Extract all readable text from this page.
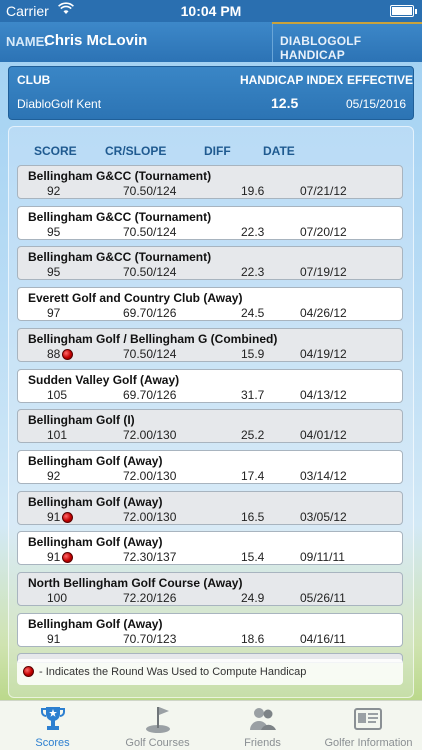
Carrier	10:04 PM
NAME:
Chris McLovin	DIABLOGOLF HANDICAP
CLUB	HANDICAP INDEX EFFECTIVE
DiabloGolf Kent	12.5	05/15/2016
SCORE CR/SLOPE	DIFF	DATE
Bellingham G&CC (Tournament)
92	70.50/124	19.6	07/21/12
Bellingham G&CC (Tournament)
95	70.50/124	22.3	07/20/12
Bellingham G&CC (Tournament)
95	70.50/124	22.3	07/19/12
Everett Golf and Country Club (Away)
97	69.70/126	24.5	04/26/12
Bellingham Golf / Bellingham G (Combined)
88	70.50/124	15.9	04/19/12
Sudden Valley Golf (Away)
105	69.70/126	31.7	04/13/12
Bellingham Golf (I)
101	72.00/130	25.2	04/01/12
Bellingham Golf (Away)
92	72.00/130	17.4	03/14/12
Bellingham Golf (Away)
91	72.00/130	16.5	03/05/12
Bellingham Golf (Away)
91	72.30/137	15.4	09/11/11
North Bellingham Golf Course (Away)
100	72.20/126	24.9	05/26/11
Bellingham Golf (Away)
91	70.70/123	18.6	04/16/11
- Indicates the Round Was Used to Compute Handicap
Scores	Golf Courses	Friends	Golfer Information
